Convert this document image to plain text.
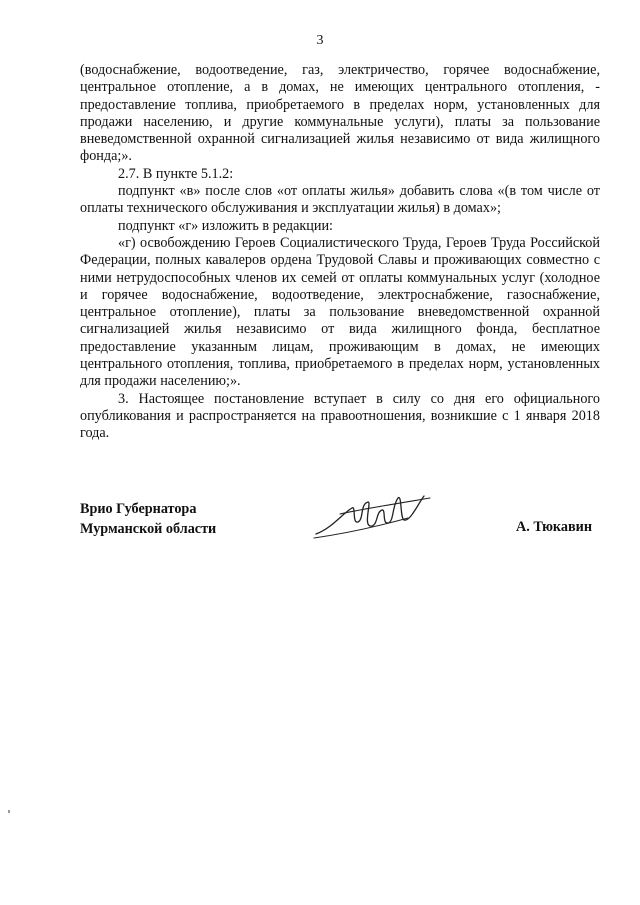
3

(водоснабжение, водоотведение, газ, электричество, горячее водоснабжение, центральное отопление, а в домах, не имеющих центрального отопления, - предоставление топлива, приобретаемого в пределах норм, установленных для продажи населению, и другие коммунальные услуги), платы за пользование вневедомственной охранной сигнализацией жилья независимо от вида жилищного фонда;».

2.7. В пункте 5.1.2:

подпункт «в» после слов «от оплаты жилья» добавить слова «(в том числе от оплаты технического обслуживания и эксплуатации жилья) в домах»;

подпункт «г» изложить в редакции:

«г) освобождению Героев Социалистического Труда, Героев Труда Российской Федерации, полных кавалеров ордена Трудовой Славы и проживающих совместно с ними нетрудоспособных членов их семей от оплаты коммунальных услуг (холодное и горячее водоснабжение, водоотведение, электроснабжение, газоснабжение, центральное отопление), платы за пользование вневедомственной охранной сигнализацией жилья независимо от вида жилищного фонда, бесплатное предоставление указанным лицам, проживающим в домах, не имеющих центрального отопления, топлива, приобретаемого в пределах норм, установленных для продажи населению;».

3. Настоящее постановление вступает в силу со дня его официального опубликования и распространяется на правоотношения, возникшие с 1 января 2018 года.

Врио Губернатора
Мурманской области	А. Тюкавин
